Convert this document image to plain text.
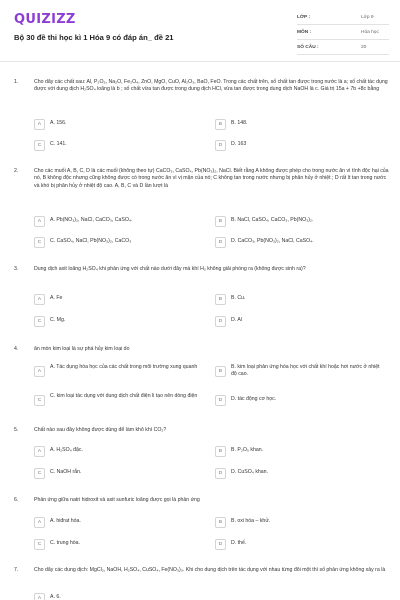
QUIZIZZ
Bộ 30 đề thi học kì 1 Hóa 9 có đáp án_ đề 21
LỚP :	Lớp 9
MÔN :	Hóa học
SỐ CÂU :	20
1.	Cho dãy các chất sau: Al, P₂O₅, Na₂O, Fe₂O₄, ZnO, MgO, CuO, Al₂O₃, BaO, FeO. Trong các chất trên, số chất tan được trong nước là a; số chất tác dụng được với dung dịch H₂SO₄ loãng là b ; số chất vừa tan được trong dung dịch HCl, vừa tan được trong dung dịch NaOH là c. Giá trị 15a + 7b +8c bằng
A	A. 156.	B	B. 148.
C	C. 141.	D	D. 163
2.	Cho các muối A, B, C, D là các muối (không theo tự) CaCO₃, CaSO₄, Pb(NO₃)₂, NaCl. Biết rằng A không được phép cho trong nước ăn vì tính độc hại của nó, B không độc nhưng cũng không được có trong nước ăn vì vị mặn của nó; C không tan trong nước nhưng bị phân hủy ở nhiệt ; D rất ít tan trong nước và khó bị phân hủy ở nhiệt độ cao. A, B, C và D lần lượt là
A	A. Pb(NO₃)₂, NaCl, CaCO₃, CaSO₄.	B	B. NaCl, CaSO₄, CaCO₃, Pb(NO₃)₂.
C	C. CaSO₄, NaCl, Pb(NO₃)₂, CaCO₃	D	D. CaCO₃, Pb(NO₃)₂, NaCl, CaSO₄.
3.	Dung dịch axit loãng H₂SO₄ khi phản ứng với chất nào dưới đây mà khí H₂ không giải phóng ra (không được sinh ra)?
A	A. Fe	B	B. Cu.
C	C. Mg.	D	D. Al
4.	ăn mòn kim loại là sự phá hủy kim loại do
A
A. Tác dụng hóa học của các chất trong môi trường xung quanh
B
B. kim loại phản ứng hóa học với chất khí hoặc hơi nước ở nhiệt độ cao.
C
C. kim loại tác dụng với dung dịch chất điện li tạo nên dòng điện
D	D. tác động cơ học.
5.	Chất nào sau đây không được dùng để làm khô khí CO₂?
A	A. H₂SO₄ đặc.	B	B. P₂O₅ khan.
C	C. NaOH rắn.	D	D. CuSO₄ khan.
6.	Phản ứng giữa natri hidroxit và axit sunfuric loãng được gọi là phản ứng
A	A. hiđrat hóa.	B	B. oxi hóa – khử.
C	C. trung hòa.	D	D. thế.
7.	Cho dãy các dung dịch: MgCl₂, NaOH, H₂SO₄, CuSO₄, Fe(NO₃)₃. Khi cho dung dịch trên tác dụng với nhau từng đôi một thì số phản ứng không xảy ra là
A	A. 6.
